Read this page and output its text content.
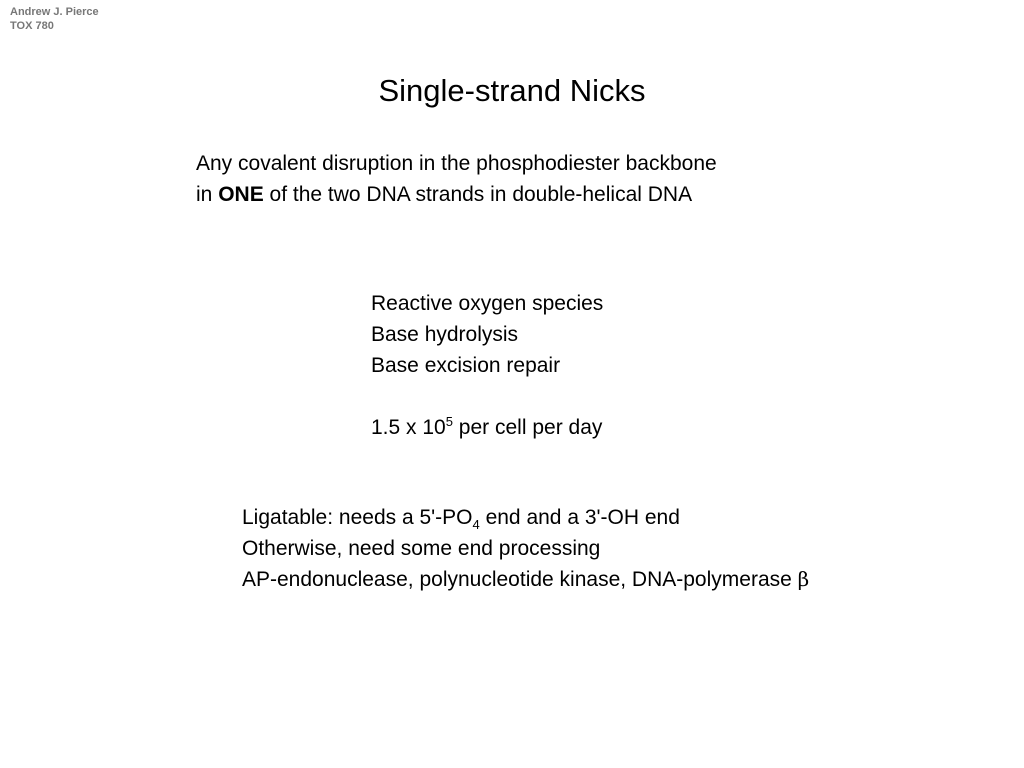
Andrew J. Pierce
TOX 780
Single-strand Nicks
Any covalent disruption in the phosphodiester backbone
in ONE of the two DNA strands in double-helical DNA
Reactive oxygen species
Base hydrolysis
Base excision repair
1.5 x $10^5$ per cell per day
Ligatable: needs a $5'-PO_4$ end and a 3'-OH end
Otherwise, need some end processing
AP-endonuclease, polynucleotide kinase, DNA-polymerase β
